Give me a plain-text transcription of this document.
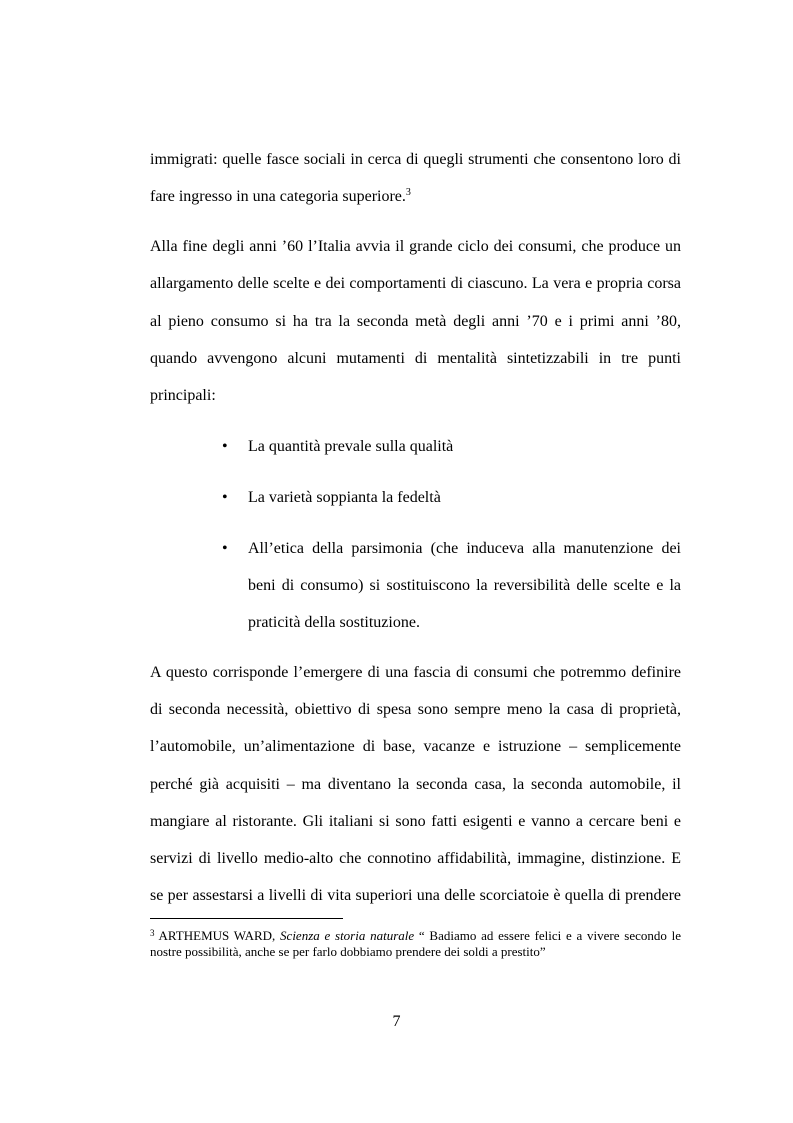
immigrati: quelle fasce sociali in cerca di quegli strumenti che consentono loro di
fare ingresso in una categoria superiore.$^3$
Alla fine degli anni ’60 l’Italia avvia il grande ciclo dei consumi, che produce un
allargamento delle scelte e dei comportamenti di ciascuno. La vera e propria corsa
al pieno consumo si ha tra la seconda metà degli anni ’70 e i primi anni ’80,
quando avvengono alcuni mutamenti di mentalità sintetizzabili in tre punti
principali:
• La quantità prevale sulla qualità
• La varietà soppianta la fedeltà
• All’etica della parsimonia (che induceva alla manutenzione dei
beni di consumo) si sostituiscono la reversibilità delle scelte e la
praticità della sostituzione.
A questo corrisponde l’emergere di una fascia di consumi che potremmo definire
di seconda necessità, obiettivo di spesa sono sempre meno la casa di proprietà,
l’automobile, un’alimentazione di base, vacanze e istruzione – semplicemente
perché già acquisiti – ma diventano la seconda casa, la seconda automobile, il
mangiare al ristorante. Gli italiani si sono fatti esigenti e vanno a cercare beni e
servizi di livello medio-alto che connotino affidabilità, immagine, distinzione. E
se per assestarsi a livelli di vita superiori una delle scorciatoie è quella di prendere
$^3$ ARTHEMUS WARD, Scienza e storia naturale “ Badiamo ad essere felici e a vivere secondo le
nostre possibilità, anche se per farlo dobbiamo prendere dei soldi a prestito”
7
